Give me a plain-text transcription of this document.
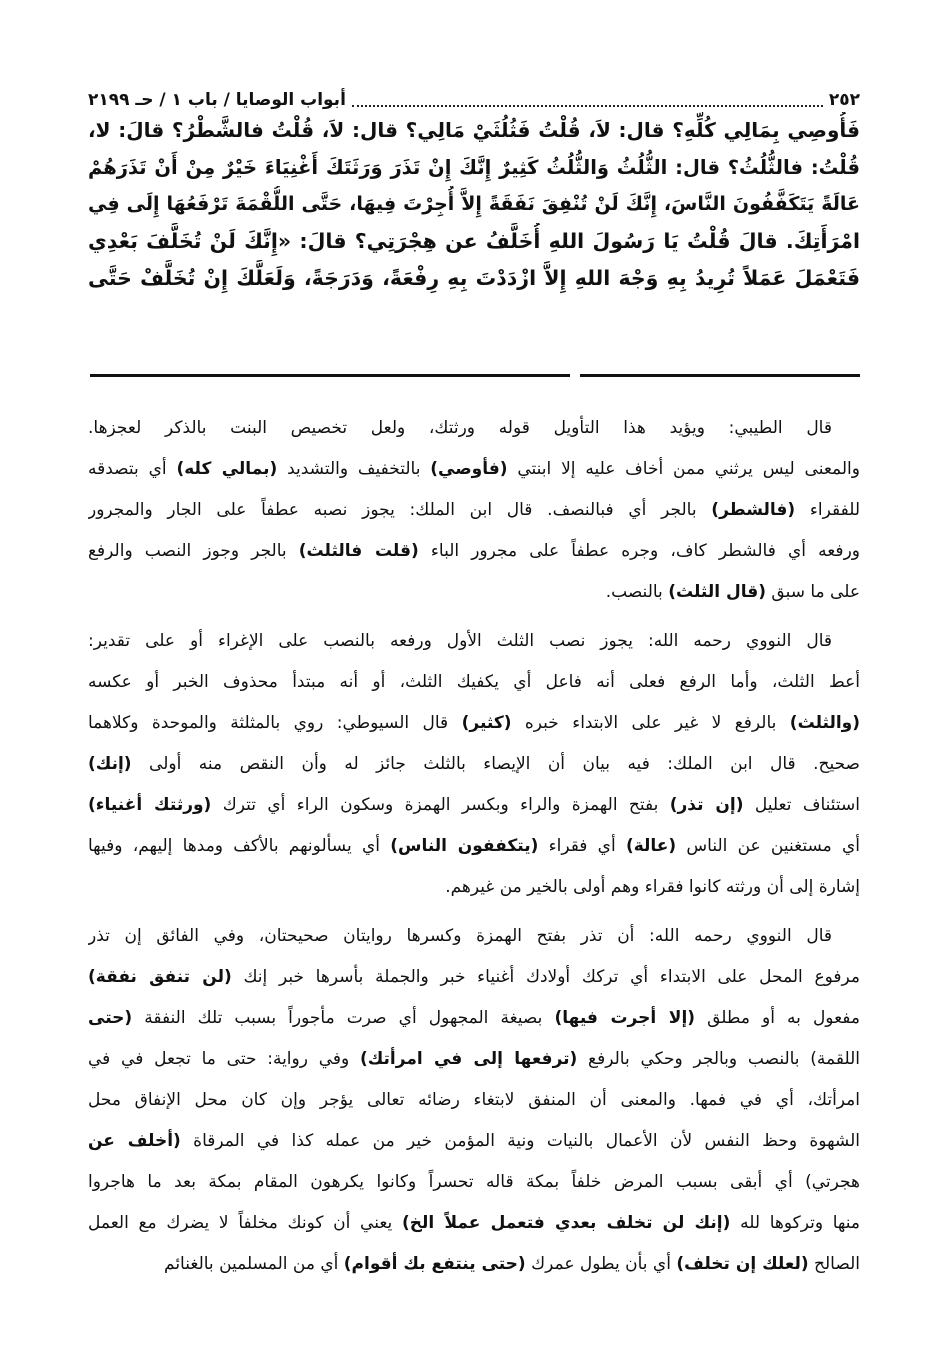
٢٥٢
أبواب الوصايا / باب ١ / حـ ٢١٩٩
فَأُوصِي بِمَالِي كُلِّهِ؟ قال: لاَ، قُلْتُ فَثُلُثَيْ مَالِي؟ قال: لاَ، قُلْتُ فالشَّطْرُ؟ قالَ: لا،
قُلْتُ: فالثُّلُثُ؟ قال: الثُّلُثُ وَالثُّلُثُ كَثِيرٌ إِنَّكَ إِنْ تَذَرَ وَرَثَتَكَ أَغْنِيَاءَ خَيْرٌ مِنْ أَنْ تَذَرَهُمْ
عَالَةً يَتَكَفَّفُونَ النَّاسَ، إِنَّكَ لَنْ تُنْفِقَ نَفَقَةً إِلاَّ أُجِرْتَ فِيهَا، حَتَّى اللُّقْمَةَ تَرْفَعُهَا إِلَى فِي
امْرَأَتِكَ. قالَ قُلْتُ يَا رَسُولَ اللهِ أُخَلَّفُ عن هِجْرَتِي؟ قالَ: «إِنَّكَ لَنْ تُخَلَّفَ بَعْدِي
فَتَعْمَلَ عَمَلاً تُرِيدُ بِهِ وَجْهَ اللهِ إِلاَّ ازْدَدْتَ بِهِ رِفْعَةً، وَدَرَجَةً، وَلَعَلَّكَ إِنْ تُخَلَّفْ حَتَّى
قال الطيبي: ويؤيد هذا التأويل قوله ورثتك، ولعل تخصيص البنت بالذكر لعجزها.
والمعنى ليس يرثني ممن أخاف عليه إلا ابنتي (فأوصي) بالتخفيف والتشديد (بمالي كله) أي بتصدقه
للفقراء (فالشطر) بالجر أي فبالنصف. قال ابن الملك: يجوز نصبه عطفاً على الجار والمجرور
ورفعه أي فالشطر كاف، وجره عطفاً على مجرور الباء (قلت فالثلث) بالجر وجوز النصب والرفع
على ما سبق (قال الثلث) بالنصب.
قال النووي رحمه الله: يجوز نصب الثلث الأول ورفعه بالنصب على الإغراء أو على تقدير:
أعط الثلث، وأما الرفع فعلى أنه فاعل أي يكفيك الثلث، أو أنه مبتدأ محذوف الخبر أو عكسه
(والثلث) بالرفع لا غير على الابتداء خبره (كثير) قال السيوطي: روي بالمثلثة والموحدة وكلاهما
صحيح. قال ابن الملك: فيه بيان أن الإيصاء بالثلث جائز له وأن النقص منه أولى (إنك)
استئناف تعليل (إن تذر) بفتح الهمزة والراء وبكسر الهمزة وسكون الراء أي تترك (ورثتك أغنياء)
أي مستغنين عن الناس (عالة) أي فقراء (يتكففون الناس) أي يسألونهم بالأكف ومدها إليهم، وفيها
إشارة إلى أن ورثته كانوا فقراء وهم أولى بالخير من غيرهم.
قال النووي رحمه الله: أن تذر بفتح الهمزة وكسرها روايتان صحيحتان، وفي الفائق إن تذر
مرفوع المحل على الابتداء أي تركك أولادك أغنياء خبر والجملة بأسرها خبر إنك (لن تنفق نفقة)
مفعول به أو مطلق (إلا أجرت فيها) بصيغة المجهول أي صرت مأجوراً بسبب تلك النفقة (حتى
اللقمة) بالنصب وبالجر وحكي بالرفع (ترفعها إلى في امرأتك) وفي رواية: حتى ما تجعل في في
امرأتك، أي في فمها. والمعنى أن المنفق لابتغاء رضائه تعالى يؤجر وإن كان محل الإنفاق محل
الشهوة وحظ النفس لأن الأعمال بالنيات ونية المؤمن خير من عمله كذا في المرقاة (أخلف عن
هجرتي) أي أبقى بسبب المرض خلفاً بمكة قاله تحسراً وكانوا يكرهون المقام بمكة بعد ما هاجروا
منها وتركوها لله (إنك لن تخلف بعدي فتعمل عملاً الخ) يعني أن كونك مخلفاً لا يضرك مع العمل
الصالح (لعلك إن تخلف) أي بأن يطول عمرك (حتى ينتفع بك أقوام) أي من المسلمين بالغنائم
